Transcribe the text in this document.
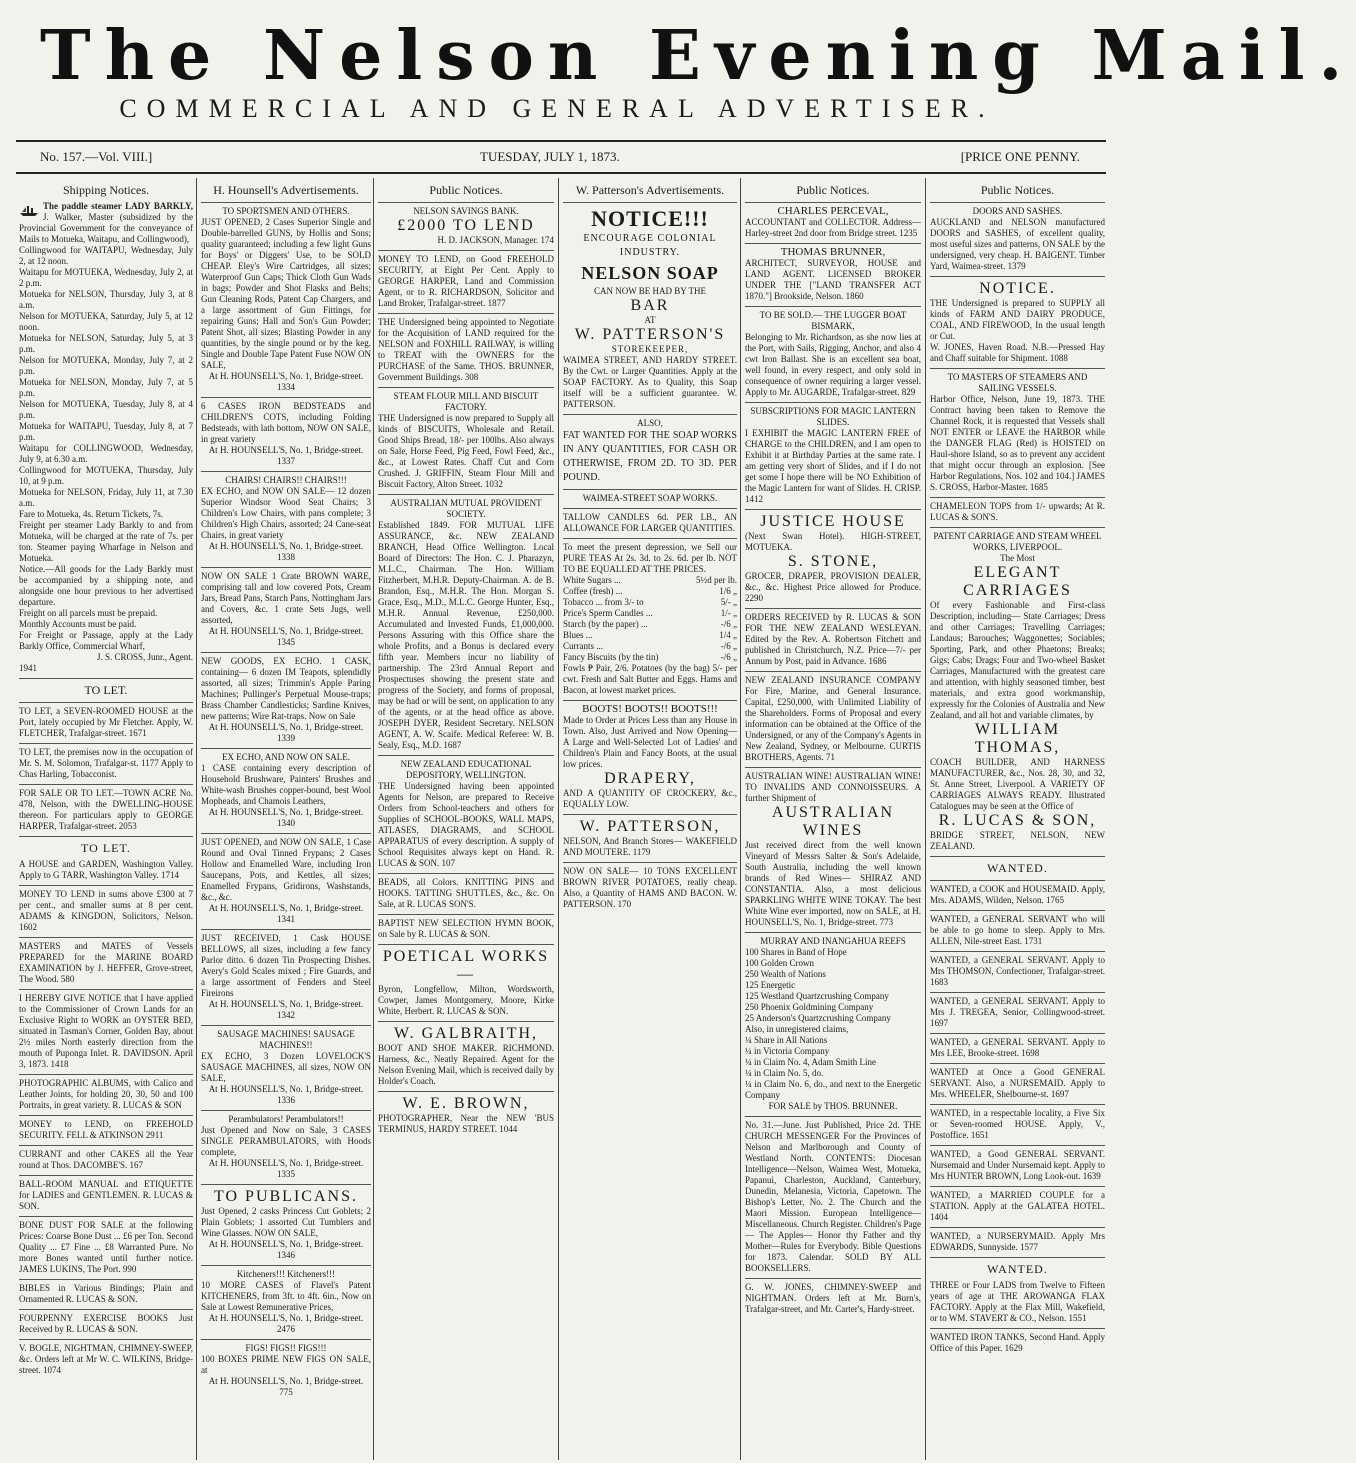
The Nelson Evening Mail.
COMMERCIAL AND GENERAL ADVERTISER.
No. 157.—Vol. VIII.]	TUESDAY, JULY 1, 1873.	[PRICE ONE PENNY.
Shipping Notices.
The paddle steamer LADY BARKLY, J. Walker, Master (subsidized by the Provincial Government for the conveyance of Mails to Motueka, Waitapu, and Collingwood),
Collingwood for WAITAPU, Wednesday, July 2, at 12 noon.
Waitapu for MOTUEKA, Wednesday, July 2, at 2 p.m.
Motueka for NELSON, Thursday, July 3, at 8 a.m.
Nelson for MOTUEKA, Saturday, July 5, at 12 noon.
Motueka for NELSON, Saturday, July 5, at 3 p.m.
Nelson for MOTUEKA, Monday, July 7, at 2 p.m.
Motueka for NELSON, Monday, July 7, at 5 p.m.
Nelson for MOTUEKA, Tuesday, July 8, at 4 p.m.
Motueka for WAITAPU, Tuesday, July 8, at 7 p.m.
Waitapu for COLLINGWOOD, Wednesday, July 9, at 6.30 a.m.
Collingwood for MOTUEKA, Thursday, July 10, at 9 p.m.
Motueka for NELSON, Friday, July 11, at 7.30 a.m.
Fare to Motueka, 4s. Return Tickets, 7s.
Freight per steamer Lady Barkly to and from Motueka, will be charged at the rate of 7s. per ton. Steamer paying Wharfage in Nelson and Motueka.
Notice.—All goods for the Lady Barkly must be accompanied by a shipping note, and alongside one hour previous to her advertised departure.
Freight on all parcels must be prepaid.
Monthly Accounts must be paid.
For Freight or Passage, apply at the Lady Barkly Office, Commercial Wharf,
J. S. CROSS, Junr., Agent.
1941
TO LET.
TO LET, a SEVEN-ROOMED HOUSE at the Port, lately occupied by Mr Fletcher. Apply, W. FLETCHER, Trafalgar-street. 1671
TO LET, the premises now in the occupation of Mr. S. M. Solomon, Trafalgar-st. 1177 Apply to Chas Harling, Tobacconist.
FOR SALE OR TO LET.—TOWN ACRE No. 478, Nelson, with the DWELLING-HOUSE thereon. For particulars apply to GEORGE HARPER, Trafalgar-street. 2053
TO LET.
A HOUSE and GARDEN, Washington Valley. Apply to G TARR, Washington Valley. 1714
MONEY TO LEND in sums above £300 at 7 per cent., and smaller sums at 8 per cent. ADAMS & KINGDON, Solicitors, Nelson. 1602
MASTERS and MATES of Vessels PREPARED for the MARINE BOARD EXAMINATION by J. HEFFER, Grove-street, The Wood. 580
I HEREBY GIVE NOTICE that I have applied to the Commissioner of Crown Lands for an Exclusive Right to WORK an OYSTER BED, situated in Tasman's Corner, Golden Bay, about 2½ miles North easterly direction from the mouth of Puponga Inlet. R. DAVIDSON. April 3, 1873. 1418
PHOTOGRAPHIC ALBUMS, with Calico and Leather Joints, for holding 20, 30, 50 and 100 Portraits, in great variety. R. LUCAS & SON
MONEY to LEND, on FREEHOLD SECURITY. FELL & ATKINSON 2911
CURRANT and other CAKES all the Year round at Thos. DACOMBE'S. 167
BALL-ROOM MANUAL and ETIQUETTE for LADIES and GENTLEMEN. R. LUCAS & SON.
BONE DUST FOR SALE at the following Prices: Coarse Bone Dust ... £6 per Ton. Second Quality ... £7 Fine ... £8 Warranted Pure. No more Bones wanted until further notice. JAMES LUKINS, The Port. 990
BIBLES in Various Bindings; Plain and Ornamented R. LUCAS & SON.
FOURPENNY EXERCISE BOOKS Just Received by R. LUCAS & SON.
V. BOGLE, NIGHTMAN, CHIMNEY-SWEEP, &c. Orders left at Mr W. C. WILKINS, Bridge-street. 1074
H. Hounsell's Advertisements.
TO SPORTSMEN AND OTHERS.
JUST OPENED, 2 Cases Superior Single and Double-barrelled GUNS, by Hollis and Sons; quality guaranteed; including a few light Guns for Boys' or Diggers' Use, to be SOLD CHEAP. Eley's Wire Cartridges, all sizes; Waterproof Gun Caps; Thick Cloth Gun Wads in bags; Powder and Shot Flasks and Belts; Gun Cleaning Rods, Patent Cap Chargers, and a large assortment of Gun Fittings, for repairing Guns; Hall and Son's Gun Powder; Patent Shot, all sizes; Blasting Powder in any quantities, by the single pound or by the keg. Single and Double Tape Patent Fuse NOW ON SALE,
At H. HOUNSELL'S, No. 1, Bridge-street. 1334
6 CASES IRON BEDSTEADS and CHILDREN'S COTS, including Folding Bedsteads, with lath bottom, NOW ON SALE, in great variety
At H. HOUNSELL'S, No. 1, Bridge-street. 1337
CHAIRS! CHAIRS!! CHAIRS!!!
EX ECHO, and NOW ON SALE— 12 dozen Superior Windsor Wood Seat Chairs; 3 Children's Low Chairs, with pans complete; 3 Children's High Chairs, assorted; 24 Cane-seat Chairs, in great variety
At H. HOUNSELL'S, No. 1, Bridge-street. 1338
NOW ON SALE 1 Crate BROWN WARE, comprising tall and low covered Pots, Cream Jars, Bread Pans, Starch Pans, Nottingham Jars and Covers, &c. 1 crate Sets Jugs, well assorted,
At H. HOUNSELL'S, No. 1, Bridge-street. 1345
NEW GOODS, EX ECHO. 1 CASK, containing— 6 dozen IM Teapots, splendidly assorted, all sizes; Trimmin's Apple Paring Machines; Pullinger's Perpetual Mouse-traps; Brass Chamber Candlesticks; Sardine Knives, new patterns; Wire Rat-traps. Now on Sale
At H. HOUNSELL'S, No. 1, Bridge-street. 1339
EX ECHO, AND NOW ON SALE.
1 CASE containing every description of Household Brushware, Painters' Brushes and White-wash Brushes copper-bound, best Wool Mopheads, and Chamois Leathers,
At H. HOUNSELL'S, No. 1, Bridge-street. 1340
JUST OPENED, and NOW ON SALE, 1 Case Round and Oval Tinned Frypans; 2 Cases Hollow and Enamelled Ware, including Iron Saucepans, Pots, and Kettles, all sizes; Enamelled Frypans, Gridirons, Washstands, &c., &c.
At H. HOUNSELL'S, No. 1, Bridge-street. 1341
JUST RECEIVED, 1 Cask HOUSE BELLOWS, all sizes, including a few fancy Parlor ditto. 6 dozen Tin Prospecting Dishes. Avery's Gold Scales mixed ; Fire Guards, and a large assortment of Fenders and Steel Fireirons
At H. HOUNSELL'S, No. 1, Bridge-street. 1342
SAUSAGE MACHINES! SAUSAGE MACHINES!!
EX ECHO, 3 Dozen LOVELOCK'S SAUSAGE MACHINES, all sizes, NOW ON SALE,
At H. HOUNSELL'S, No. 1, Bridge-street. 1336
Perambulators! Perambulators!!
Just Opened and Now on Sale, 3 CASES SINGLE PERAMBULATORS, with Hoods complete,
At H. HOUNSELL'S, No. 1, Bridge-street. 1335
TO PUBLICANS.
Just Opened, 2 casks Princess Cut Goblets; 2 Plain Goblets; 1 assorted Cut Tumblers and Wine Glasses. NOW ON SALE,
At H. HOUNSELL'S, No. 1, Bridge-street. 1346
Kitcheners!!! Kitcheners!!!
10 MORE CASES of Flavel's Patent KITCHENERS, from 3ft. to 4ft. 6in., Now on Sale at Lowest Remunerative Prices,
At H. HOUNSELL'S, No. 1, Bridge-street. 2476
FIGS! FIGS!! FIGS!!!
100 BOXES PRIME NEW FIGS ON SALE, at
At H. HOUNSELL'S, No. 1, Bridge-street. 775
Public Notices.
NELSON SAVINGS BANK.
£2000 TO LEND
H. D. JACKSON, Manager. 174
MONEY TO LEND, on Good FREEHOLD SECURITY, at Eight Per Cent. Apply to GEORGE HARPER, Land and Commission Agent, or to R. RICHARDSON, Solicitor and Land Broker, Trafalgar-street. 1877
THE Undersigned being appointed to Negotiate for the Acquisition of LAND required for the NELSON and FOXHILL RAILWAY, is willing to TREAT with the OWNERS for the PURCHASE of the Same. THOS. BRUNNER, Government Buildings. 308
STEAM FLOUR MILL AND BISCUIT FACTORY.
THE Undersigned is now prepared to Supply all kinds of BISCUITS, Wholesale and Retail. Good Ships Bread, 18/- per 100lbs. Also always on Sale, Horse Feed, Pig Feed, Fowl Feed, &c., &c., at Lowest Rates. Chaff Cut and Corn Crushed. J. GRIFFIN, Steam Flour Mill and Biscuit Factory, Alton Street. 1032
AUSTRALIAN MUTUAL PROVIDENT SOCIETY.
Established 1849. FOR MUTUAL LIFE ASSURANCE, &c. NEW ZEALAND BRANCH, Head Office Wellington. Local Board of Directors: The Hon. C. J. Pharazyn, M.L.C., Chairman. The Hon. William Fitzherbert, M.H.R. Deputy-Chairman. A. de B. Brandon, Esq., M.H.R. The Hon. Morgan S. Grace, Esq., M.D., M.L.C. George Hunter, Esq., M.H.R. Annual Revenue, £250,000. Accumulated and Invested Funds, £1,000,000. Persons Assuring with this Office share the whole Profits, and a Bonus is declared every fifth year. Members incur no liability of partnership. The 23rd Annual Report and Prospectuses showing the present state and progress of the Society, and forms of proposal, may be had or will be sent, on application to any of the agents, or at the head office as above. JOSEPH DYER, Resident Secretary. NELSON AGENT, A. W. Scaife. Medical Referee: W. B. Sealy, Esq., M.D. 1687
NEW ZEALAND EDUCATIONAL DEPOSITORY, WELLINGTON.
THE Undersigned having been appointed Agents for Nelson, are prepared to Receive Orders from School-teachers and others for Supplies of SCHOOL-BOOKS, WALL MAPS, ATLASES, DIAGRAMS, and SCHOOL APPARATUS of every description. A supply of School Requisites always kept on Hand. R. LUCAS & SON. 107
BEADS, all Colors. KNITTING PINS and HOOKS. TATTING SHUTTLES, &c., &c. On Sale, at R. LUCAS SON'S.
BAPTIST NEW SELECTION HYMN BOOK, on Sale by R. LUCAS & SON.
POETICAL WORKS—
Byron, Longfellow, Milton, Wordsworth, Cowper, James Montgomery, Moore, Kirke White, Herbert. R. LUCAS & SON.
W. GALBRAITH,
BOOT AND SHOE MAKER. RICHMOND. Harness, &c., Neatly Repaired. Agent for the Nelson Evening Mail, which is received daily by Holder's Coach.
W. E. BROWN,
PHOTOGRAPHER, Near the NEW 'BUS TERMINUS, HARDY STREET. 1044
W. Patterson's Advertisements.
NOTICE!!!
ENCOURAGE COLONIAL INDUSTRY.
NELSON SOAP
CAN NOW BE HAD BY THE
BAR
AT
W. PATTERSON'S
STOREKEEPER,
WAIMEA STREET, AND HARDY STREET. By the Cwt. or Larger Quantities. Apply at the SOAP FACTORY. As to Quality, this Soap itself will be a sufficient guarantee. W. PATTERSON.
ALSO,
FAT WANTED FOR THE SOAP WORKS IN ANY QUANTITIES, FOR CASH OR OTHERWISE, FROM 2D. TO 3D. PER POUND.
WAIMEA-STREET SOAP WORKS.
TALLOW CANDLES 6d. PER LB., AN ALLOWANCE FOR LARGER QUANTITIES.
To meet the present depression, we Sell our PURE TEAS At 2s. 3d. to 2s. 6d. per lb. NOT TO BE EQUALLED AT THE PRICES.
White Sugars ...	5½d per lb.
Coffee (fresh) ...	1/6 „
Tobacco ... from 3/- to	5/- „
Price's Sperm Candles ...	1/- „
Starch (by the paper) ...	-/6 „
Blues ...	1/4 „
Currants ...	-/6 „
Fancy Biscuits (by the tin)	-/6 „
Fowls ₱ Pair, 2/6. Potatoes (by the bag) 5/- per cwt. Fresh and Salt Butter and Eggs. Hams and Bacon, at lowest market prices.
BOOTS! BOOTS!! BOOTS!!!
Made to Order at Prices Less than any House in Town. Also, Just Arrived and Now Opening— A Large and Well-Selected Lot of Ladies' and Children's Plain and Fancy Boots, at the usual low prices.
DRAPERY,
AND A QUANTITY OF CROCKERY, &c., EQUALLY LOW.
W. PATTERSON,
NELSON, And Branch Stores— WAKEFIELD AND MOUTERE. 1179
NOW ON SALE— 10 TONS EXCELLENT BROWN RIVER POTATOES, really cheap. Also, a Quantity of HAMS AND BACON. W. PATTERSON. 170
Public Notices.
CHARLES PERCEVAL,
ACCOUNTANT and COLLECTOR. Address—Harley-street 2nd door from Bridge street. 1235
THOMAS BRUNNER,
ARCHITECT, SURVEYOR, HOUSE and LAND AGENT. LICENSED BROKER UNDER THE ["LAND TRANSFER ACT 1870."] Brookside, Nelson. 1860
TO BE SOLD.— THE LUGGER BOAT BISMARK,
Belonging to Mr. Richardson, as she now lies at the Port, with Sails, Rigging, Anchor, and also 4 cwt Iron Ballast. She is an excellent sea boat, well found, in every respect, and only sold in consequence of owner requiring a larger vessel. Apply to Mr. AUGARDE, Trafalgar-street. 829
SUBSCRIPTIONS FOR MAGIC LANTERN SLIDES.
I EXHIBIT the MAGIC LANTERN FREE of CHARGE to the CHILDREN, and I am open to Exhibit it at Birthday Parties at the same rate. I am getting very short of Slides, and if I do not get some I hope there will be NO Exhibition of the Magic Lantern for want of Slides. H. CRISP. 1412
JUSTICE HOUSE
(Next Swan Hotel). HIGH-STREET, MOTUEKA.
S. STONE,
GROCER, DRAPER, PROVISION DEALER, &c., &c. Highest Price allowed for Produce. 2290
ORDERS RECEIVED by R. LUCAS & SON FOR THE NEW ZEALAND WESLEYAN. Edited by the Rev. A. Robertson Fitchett and published in Christchurch, N.Z. Price—7/- per Annum by Post, paid in Advance. 1686
NEW ZEALAND INSURANCE COMPANY For Fire, Marine, and General Insurance. Capital, £250,000, with Unlimited Liability of the Shareholders. Forms of Proposal and every information can be obtained at the Office of the Undersigned, or any of the Company's Agents in New Zealand, Sydney, or Melbourne. CURTIS BROTHERS, Agents. 71
AUSTRALIAN WINE! AUSTRALIAN WINE! TO INVALIDS AND CONNOISSEURS. A further Shipment of
AUSTRALIAN WINES
Just received direct from the well known Vineyard of Messrs Salter & Son's Adelaide, South Australia, including the well known brands of Red Wines— SHIRAZ AND CONSTANTIA. Also, a most delicious SPARKLING WHITE WINE TOKAY. The best White Wine ever imported, now on SALE, at H. HOUNSELL'S, No. 1, Bridge-street. 773
MURRAY AND INANGAHUA REEFS
100 Shares in Band of Hope
100 Golden Crown
250 Wealth of Nations
125 Energetic
125 Westland Quartzcrushing Company
250 Phoenix Goldmining Company
25 Anderson's Quartzcrushing Company
Also, in unregistered claims,
¼ Share in All Nations
¼ in Victoria Company
¼ in Claim No. 4, Adam Smith Line
¼ in Claim No. 5, do.
¼ in Claim No. 6, do., and next to the Energetic Company
FOR SALE by THOS. BRUNNER.
No. 31.—June. Just Published, Price 2d. THE CHURCH MESSENGER For the Provinces of Nelson and Marlborough and County of Westland North. CONTENTS: Diocesan Intelligence—Nelson, Waimea West, Motueka, Papanui, Charleston, Auckland, Canterbury, Dunedin, Melanesia, Victoria, Capetown. The Bishop's Letter, No. 2. The Church and the Maori Mission. European Intelligence—Miscellaneous. Church Register. Children's Page— The Apples— Honor thy Father and thy Mother—Rules for Everybody. Bible Questions for 1873. Calendar. SOLD BY ALL BOOKSELLERS.
G. W. JONES, CHIMNEY-SWEEP and NIGHTMAN. Orders left at Mr. Burn's, Trafalgar-street, and Mr. Carter's, Hardy-street.
Public Notices.
DOORS AND SASHES.
AUCKLAND and NELSON manufactured DOORS and SASHES, of excellent quality, most useful sizes and patterns, ON SALE by the undersigned, very cheap. H. BAIGENT. Timber Yard, Waimea-street. 1379
NOTICE.
THE Undersigned is prepared to SUPPLY all kinds of FARM AND DAIRY PRODUCE, COAL, AND FIREWOOD, In the usual length or Cut.
W. JONES, Haven Road. N.B.—Pressed Hay and Chaff suitable for Shipment. 1088
TO MASTERS OF STEAMERS AND SAILING VESSELS.
Harbor Office, Nelson, June 19, 1873. THE Contract having been taken to Remove the Channel Rock, it is requested that Vessels shall NOT ENTER or LEAVE the HARBOR while the DANGER FLAG (Red) is HOISTED on Haul-shore Island, so as to prevent any accident that might occur through an explosion. [See Harbor Regulations, Nos. 102 and 104.] JAMES S. CROSS, Harbor-Master. 1685
CHAMELEON TOPS from 1/- upwards; At R. LUCAS & SON'S.
PATENT CARRIAGE AND STEAM WHEEL WORKS, LIVERPOOL.
The Most
ELEGANT CARRIAGES
Of every Fashionable and First-class Description, including— State Carriages; Dress and other Carriages; Travelling Carriages; Landaus; Barouches; Waggonettes; Sociables; Sporting, Park, and other Phaetons; Breaks; Gigs; Cabs; Drags; Four and Two-wheel Basket Carriages, Manufactured with the greatest care and attention, with highly seasoned timber, best materials, and extra good workmanship, expressly for the Colonies of Australia and New Zealand, and all hot and variable climates, by
WILLIAM THOMAS,
COACH BUILDER, AND HARNESS MANUFACTURER, &c., Nos. 28, 30, and 32, St. Anne Street, Liverpool. A VARIETY OF CARRIAGES ALWAYS READY. Illustrated Catalogues may be seen at the Office of
R. LUCAS & SON,
BRIDGE STREET, NELSON, NEW ZEALAND.
WANTED.
WANTED, a COOK and HOUSEMAID. Apply, Mrs. ADAMS, Wilden, Nelson. 1765
WANTED, a GENERAL SERVANT who will be able to go home to sleep. Apply to Mrs. ALLEN, Nile-street East. 1731
WANTED, a GENERAL SERVANT. Apply to Mrs THOMSON, Confectioner, Trafalgar-street. 1683
WANTED, a GENERAL SERVANT. Apply to Mrs J. TREGEA, Senior, Collingwood-street. 1697
WANTED, a GENERAL SERVANT. Apply to Mrs LEE, Brooke-street. 1698
WANTED at Once a Good GENERAL SERVANT. Also, a NURSEMAID. Apply to Mrs. WHEELER, Shelbourne-st. 1697
WANTED, in a respectable locality, a Five Six or Seven-roomed HOUSE. Apply, V., Postoffice. 1651
WANTED, a Good GENERAL SERVANT. Nursemaid and Under Nursemaid kept. Apply to Mrs HUNTER BROWN, Long Look-out. 1639
WANTED, a MARRIED COUPLE for a STATION. Apply at the GALATEA HOTEL. 1404
WANTED, a NURSERYMAID. Apply Mrs EDWARDS, Sunnyside. 1577
WANTED.
THREE or Four LADS from Twelve to Fifteen years of age at THE AROWANGA FLAX FACTORY. Apply at the Flax Mill, Wakefield, or to WM. STAVERT & CO., Nelson. 1551
WANTED IRON TANKS, Second Hand. Apply Office of this Paper. 1629
